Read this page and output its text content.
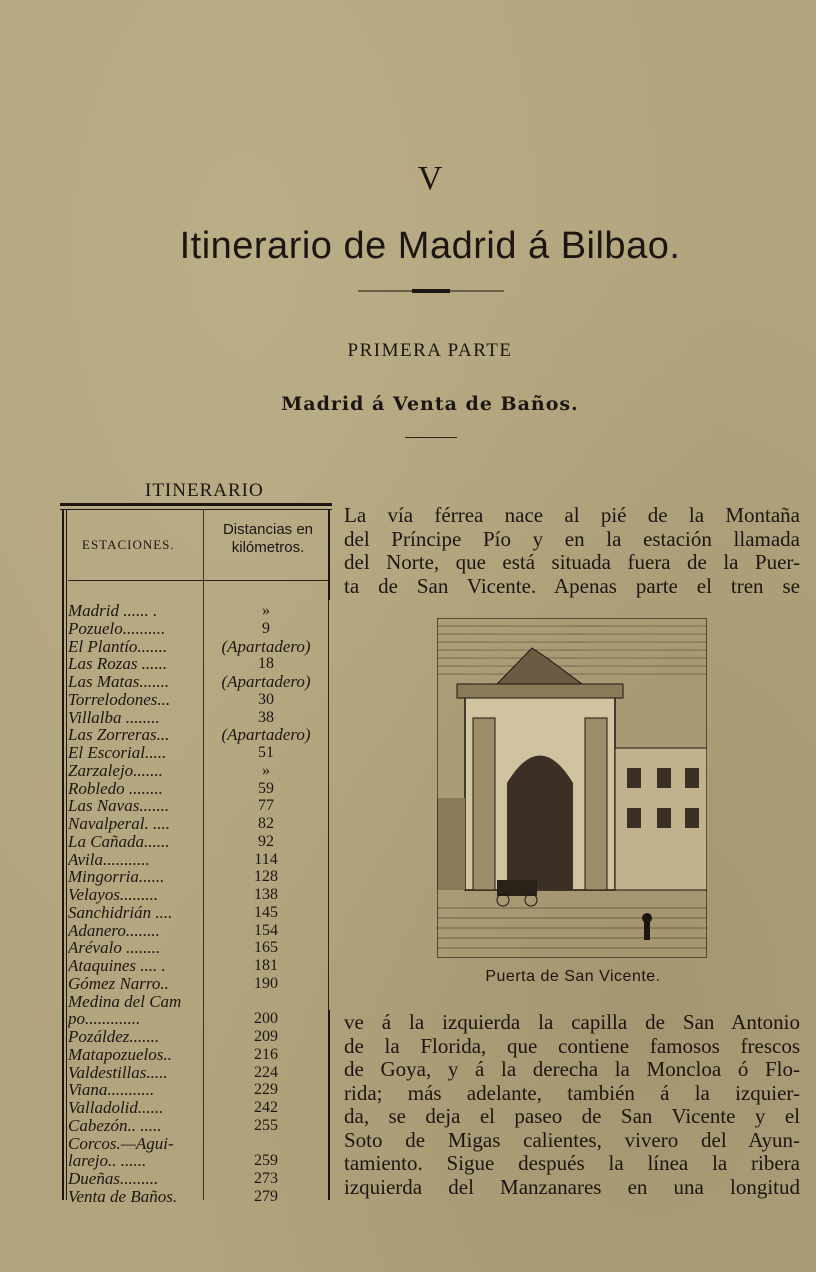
V
Itinerario de Madrid á Bilbao.
PRIMERA PARTE
Madrid á Venta de Baños.
ITINERARIO
ESTACIONES.
Distancias en
kilómetros.
Madrid ...... .	»
Pozuelo..........	9
El Plantío.......	(Apartadero)
Las Rozas ......	18
Las Matas.......	(Apartadero)
Torrelodones...	30
Villalba ........	38
Las Zorreras...	(Apartadero)
El Escorial.....	51
Zarzalejo.......	»
Robledo ........	59
Las Navas.......	77
Navalperal. ....	82
La Cañada......	92
Avila...........	114
Mingorria......	128
Velayos.........	138
Sanchidrián ....	145
Adanero........	154
Arévalo ........	165
Ataquines .... .	181
Gómez Narro..	190
Medina del Cam
po.............	200
Pozáldez.......	209
Matapozuelos..	216
Valdestillas.....	224
Viana...........	229
Valladolid......	242
Cabezón.. .....	255
Corcos.—Agui-
larejo.. ......	259
Dueñas.........	273
Venta de Baños.	279
La vía férrea nace al pié de la Montaña
del Príncipe Pío y en la estación llamada
del Norte, que está situada fuera de la Puer-
ta de San Vicente. Apenas parte el tren se
Puerta de San Vicente.
ve á la izquierda la capilla de San Antonio
de la Florida, que contiene famosos frescos
de Goya, y á la derecha la Moncloa ó Flo-
rida; más adelante, también á la izquier-
da, se deja el paseo de San Vicente y el
Soto de Migas calientes, vivero del Ayun-
tamiento. Sigue después la línea la ribera
izquierda del Manzanares en una longitud
